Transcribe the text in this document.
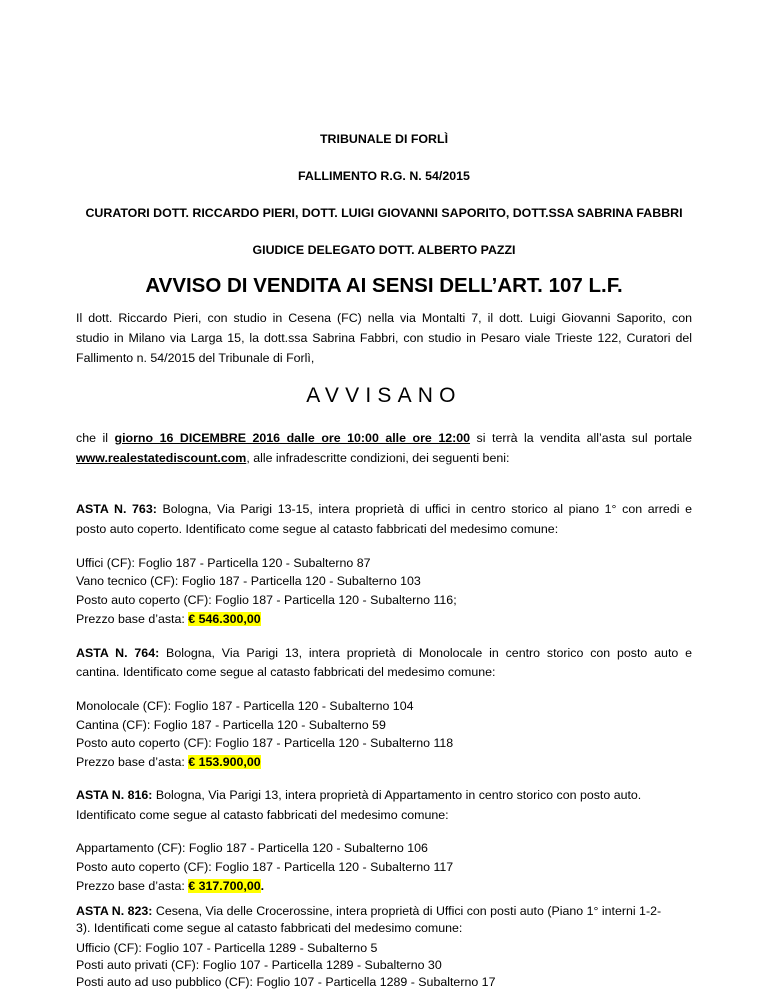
TRIBUNALE DI FORLÌ
FALLIMENTO R.G. N. 54/2015
CURATORI DOTT. RICCARDO PIERI, DOTT. LUIGI GIOVANNI SAPORITO, DOTT.SSA SABRINA FABBRI
GIUDICE DELEGATO DOTT. ALBERTO PAZZI
AVVISO DI VENDITA AI SENSI DELL’ART. 107 L.F.
Il dott. Riccardo Pieri, con studio in Cesena (FC) nella via Montalti 7, il dott. Luigi Giovanni Saporito, con
studio in Milano via Larga 15, la dott.ssa Sabrina Fabbri, con studio in Pesaro viale Trieste 122, Curatori del
Fallimento n. 54/2015 del Tribunale di Forlì,
AVVISANO
che il giorno 16 DICEMBRE 2016 dalle ore 10:00 alle ore 12:00 si terrà la vendita all’asta sul portale
www.realestatediscount.com, alle infradescritte condizioni, dei seguenti beni:
ASTA N. 763: Bologna, Via Parigi 13-15, intera proprietà di uffici in centro storico al piano 1° con arredi e
posto auto coperto. Identificato come segue al catasto fabbricati del medesimo comune:
Uffici (CF): Foglio 187 - Particella 120 - Subalterno 87
Vano tecnico (CF): Foglio 187 - Particella 120 - Subalterno 103
Posto auto coperto (CF): Foglio 187 - Particella 120 - Subalterno 116;
Prezzo base d’asta: € 546.300,00
ASTA N. 764: Bologna, Via Parigi 13, intera proprietà di Monolocale in centro storico con posto auto e
cantina. Identificato come segue al catasto fabbricati del medesimo comune:
Monolocale (CF): Foglio 187 - Particella 120 - Subalterno 104
Cantina (CF): Foglio 187 - Particella 120 - Subalterno 59
Posto auto coperto (CF): Foglio 187 - Particella 120 - Subalterno 118
Prezzo base d’asta: € 153.900,00
ASTA N. 816: Bologna, Via Parigi 13, intera proprietà di Appartamento in centro storico con posto auto.
Identificato come segue al catasto fabbricati del medesimo comune:
Appartamento (CF): Foglio 187 - Particella 120 - Subalterno 106
Posto auto coperto (CF): Foglio 187 - Particella 120 - Subalterno 117
Prezzo base d’asta: € 317.700,00.
ASTA N. 823: Cesena, Via delle Crocerossine, intera proprietà di Uffici con posti auto (Piano 1° interni 1-2-
3). Identificati come segue al catasto fabbricati del medesimo comune:
Ufficio (CF): Foglio 107 - Particella 1289 - Subalterno 5
Posti auto privati (CF): Foglio 107 - Particella 1289 - Subalterno 30
Posti auto ad uso pubblico (CF): Foglio 107 - Particella 1289 - Subalterno 17
